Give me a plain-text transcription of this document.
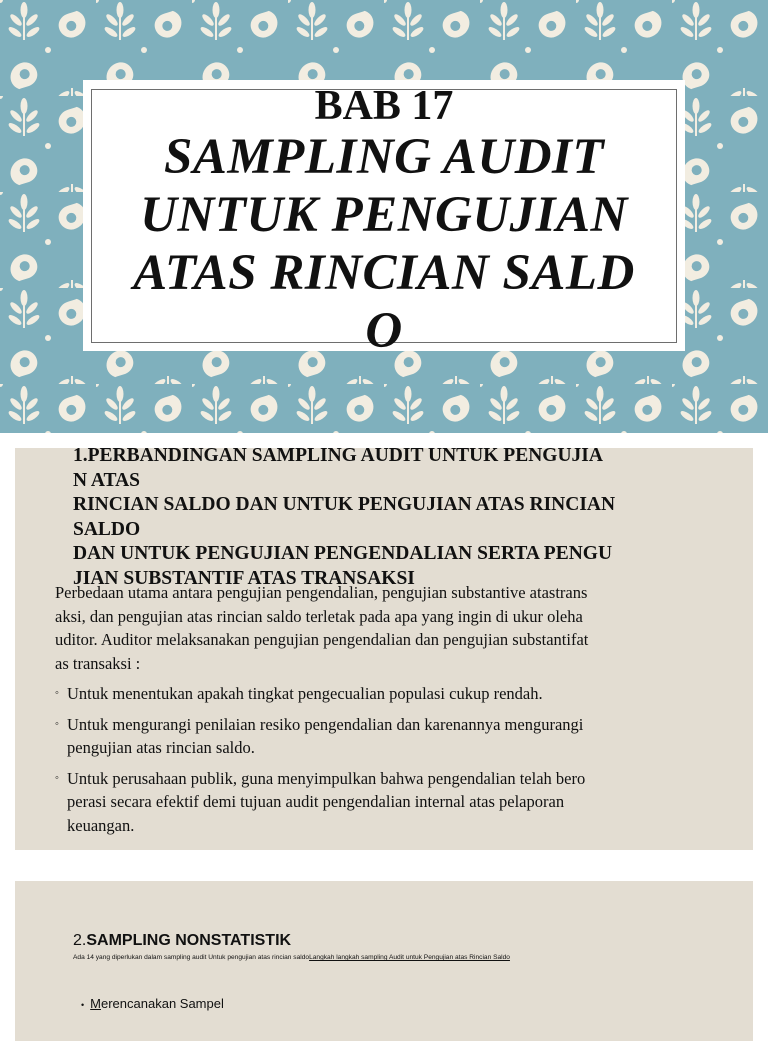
BAB 17
SAMPLING AUDIT
UNTUK PENGUJIAN
ATAS RINCIAN SALD
O
1.PERBANDINGAN SAMPLING AUDIT UNTUK PENGUJIA
N ATAS
RINCIAN SALDO DAN UNTUK PENGUJIAN ATAS RINCIAN
SALDO
DAN UNTUK PENGUJIAN PENGENDALIAN SERTA PENGU
JIAN SUBSTANTIF ATAS TRANSAKSI
Perbedaan utama antara pengujian pengendalian, pengujian substantive atastrans
aksi, dan pengujian atas rincian saldo terletak pada apa yang ingin di ukur oleha
uditor. Auditor melaksanakan pengujian pengendalian dan pengujian substantifat
as transaksi :
◦ Untuk menentukan apakah tingkat pengecualian populasi cukup rendah.
◦ Untuk mengurangi penilaian resiko pengendalian dan karenannya mengurangi
pengujian atas rincian saldo.
◦ Untuk perusahaan publik, guna menyimpulkan bahwa pengendalian telah bero
perasi secara efektif demi tujuan audit pengendalian internal atas pelaporan
keuangan.
2.SAMPLING NONSTATISTIK
Ada 14 yang diperlukan dalam sampling audit Untuk pengujian atas rincian saldoLangkah langkah sampling Audit untuk Pengujian atas Rincian Saldo
• Merencanakan Sampel
